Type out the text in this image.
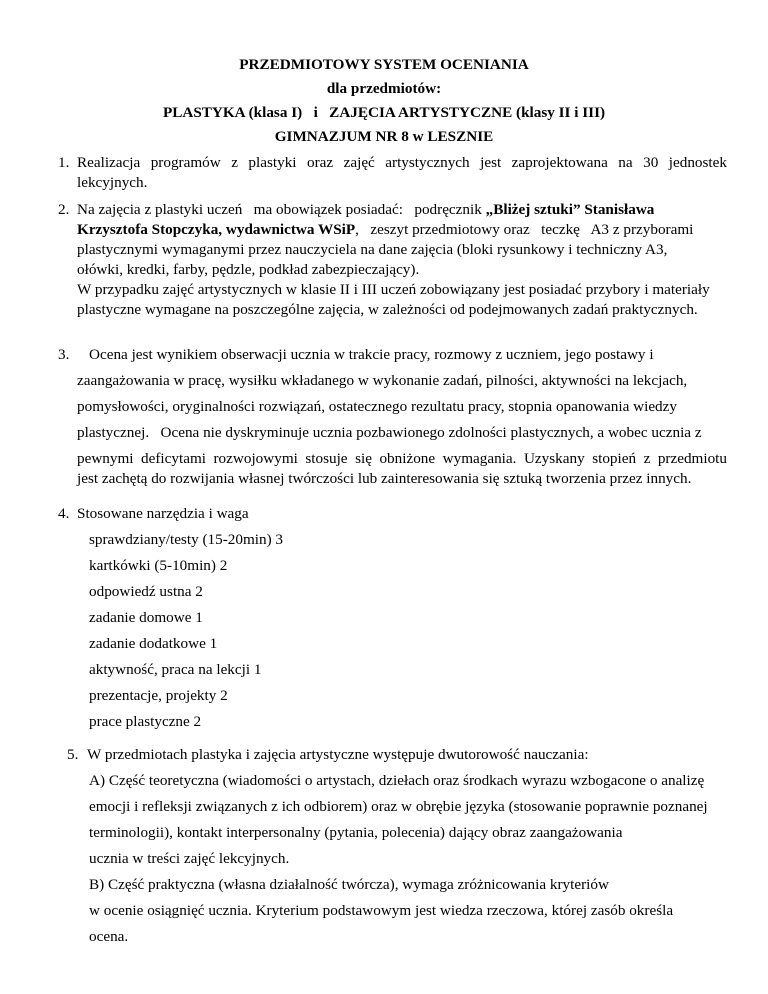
PRZEDMIOTOWY SYSTEM OCENIANIA
dla przedmiotów:
PLASTYKA (klasa I)   i   ZAJĘCIA ARTYSTYCZNE (klasy II i III)
GIMNAZJUM NR 8 w LESZNIE
1. Realizacja programów z plastyki oraz zajęć artystycznych jest zaprojektowana na 30 jednostek
lekcyjnych.
2. Na zajęcia z plastyki uczeń   ma obowiązek posiadać:   podręcznik „Bliżej sztuki” Stanisława
Krzysztofa Stopczyka, wydawnictwa WSiP,   zeszyt przedmiotowy oraz   teczkę   A3 z przyborami
plastycznymi wymaganymi przez nauczyciela na dane zajęcia (bloki rysunkowy i techniczny A3,
ołówki, kredki, farby, pędzle, podkład zabezpieczający).
W przypadku zajęć artystycznych w klasie II i III uczeń zobowiązany jest posiadać przybory i materiały
plastyczne wymagane na poszczególne zajęcia, w zależności od podejmowanych zadań praktycznych.
3. Ocena jest wynikiem obserwacji ucznia w trakcie pracy, rozmowy z uczniem, jego postawy i
zaangażowania w pracę, wysiłku wkładanego w wykonanie zadań, pilności, aktywności na lekcjach,
pomysłowości, oryginalności rozwiązań, ostatecznego rezultatu pracy, stopnia opanowania wiedzy
plastycznej.   Ocena nie dyskryminuje ucznia pozbawionego zdolności plastycznych, a wobec ucznia z
pewnymi deficytami rozwojowymi stosuje się obniżone wymagania. Uzyskany stopień z przedmiotu
jest zachętą do rozwijania własnej twórczości lub zainteresowania się sztuką tworzenia przez innych.
4. Stosowane narzędzia i waga
sprawdziany/testy (15-20min) 3
kartkówki (5-10min) 2
odpowiedź ustna 2
zadanie domowe 1
zadanie dodatkowe 1
aktywność, praca na lekcji 1
prezentacje, projekty 2
prace plastyczne 2
5. W przedmiotach plastyka i zajęcia artystyczne występuje dwutorowość nauczania:
A) Część teoretyczna (wiadomości o artystach, dziełach oraz środkach wyrazu wzbogacone o analizę
emocji i refleksji związanych z ich odbiorem) oraz w obrębie języka (stosowanie poprawnie poznanej
terminologii), kontakt interpersonalny (pytania, polecenia) dający obraz zaangażowania
ucznia w treści zajęć lekcyjnych.
B) Część praktyczna (własna działalność twórcza), wymaga zróżnicowania kryteriów
w ocenie osiągnięć ucznia. Kryterium podstawowym jest wiedza rzeczowa, której zasób określa
ocena.
